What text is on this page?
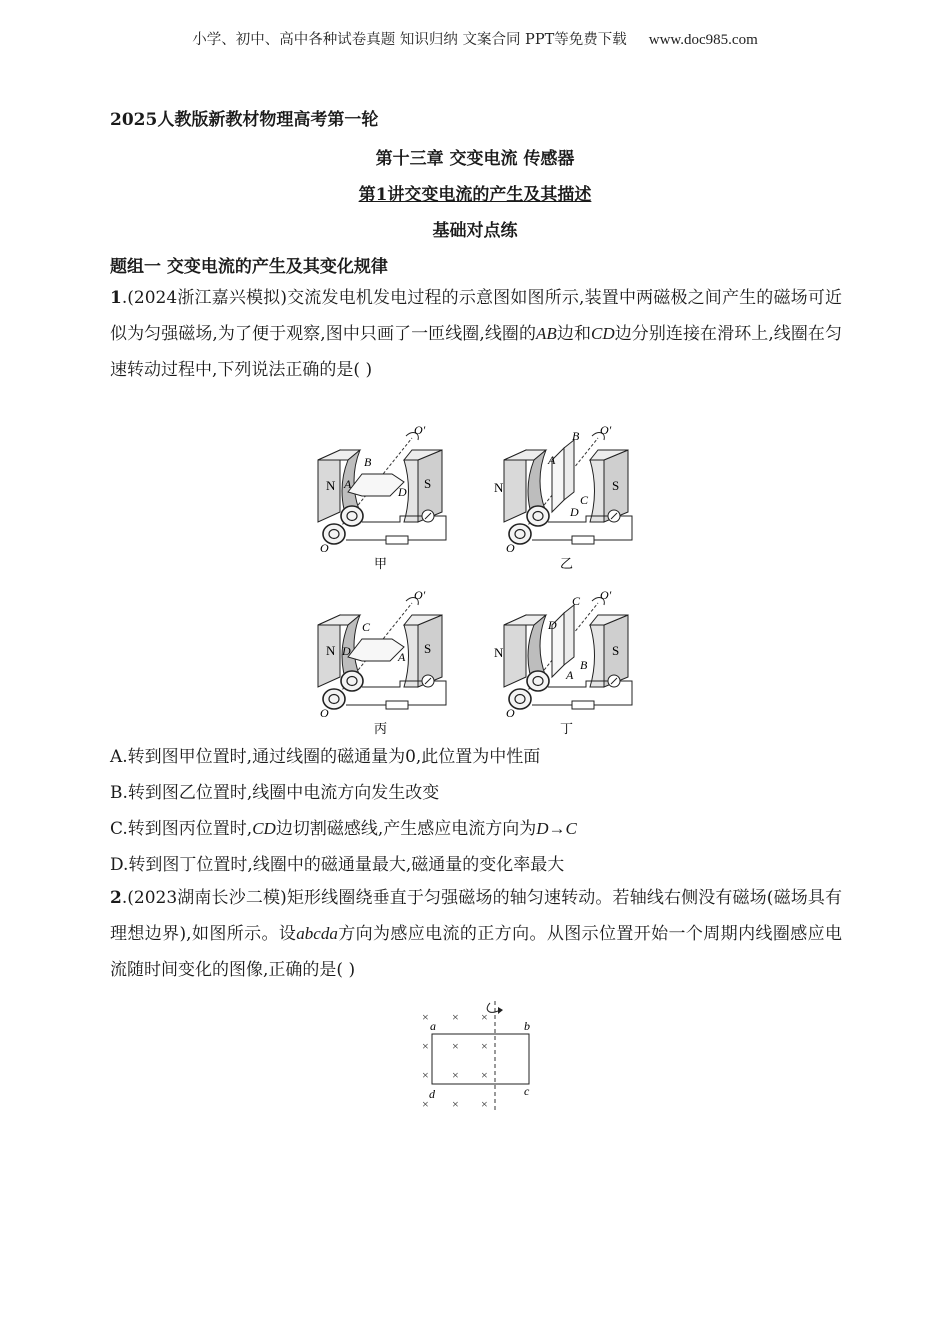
小学、初中、高中各种试卷真题 知识归纳 文案合同 PPT等免费下载 www.doc985.com
2025人教版新教材物理高考第一轮
第十三章 交变电流 传感器
第1讲交变电流的产生及其描述
基础对点练
题组一 交变电流的产生及其变化规律
1.(2024浙江嘉兴模拟)交流发电机发电过程的示意图如图所示,装置中两磁极之间产生的磁场可近似为匀强磁场,为了便于观察,图中只画了一匝线圈,线圈的AB边和CD边分别连接在滑环上,线圈在匀速转动过程中,下列说法正确的是( )
N	S
B
A
D
O′
O
甲
N	S
B
A
C
D
O′
O
乙
N	S
C
D	A
O′
O
丙
N	S
C
D
A
B
O′
O
丁
A.转到图甲位置时,通过线圈的磁通量为0,此位置为中性面
B.转到图乙位置时,线圈中电流方向发生改变
C.转到图丙位置时,CD边切割磁感线,产生感应电流方向为D→C
D.转到图丁位置时,线圈中的磁通量最大,磁通量的变化率最大
2.(2023湖南长沙二模)矩形线圈绕垂直于匀强磁场的轴匀速转动。若轴线右侧没有磁场(磁场具有理想边界),如图所示。设abcda方向为感应电流的正方向。从图示位置开始一个周期内线圈感应电流随时间变化的图像,正确的是( )
× × ×
× × ×
× × ×
× × ×
a	b
c
d
